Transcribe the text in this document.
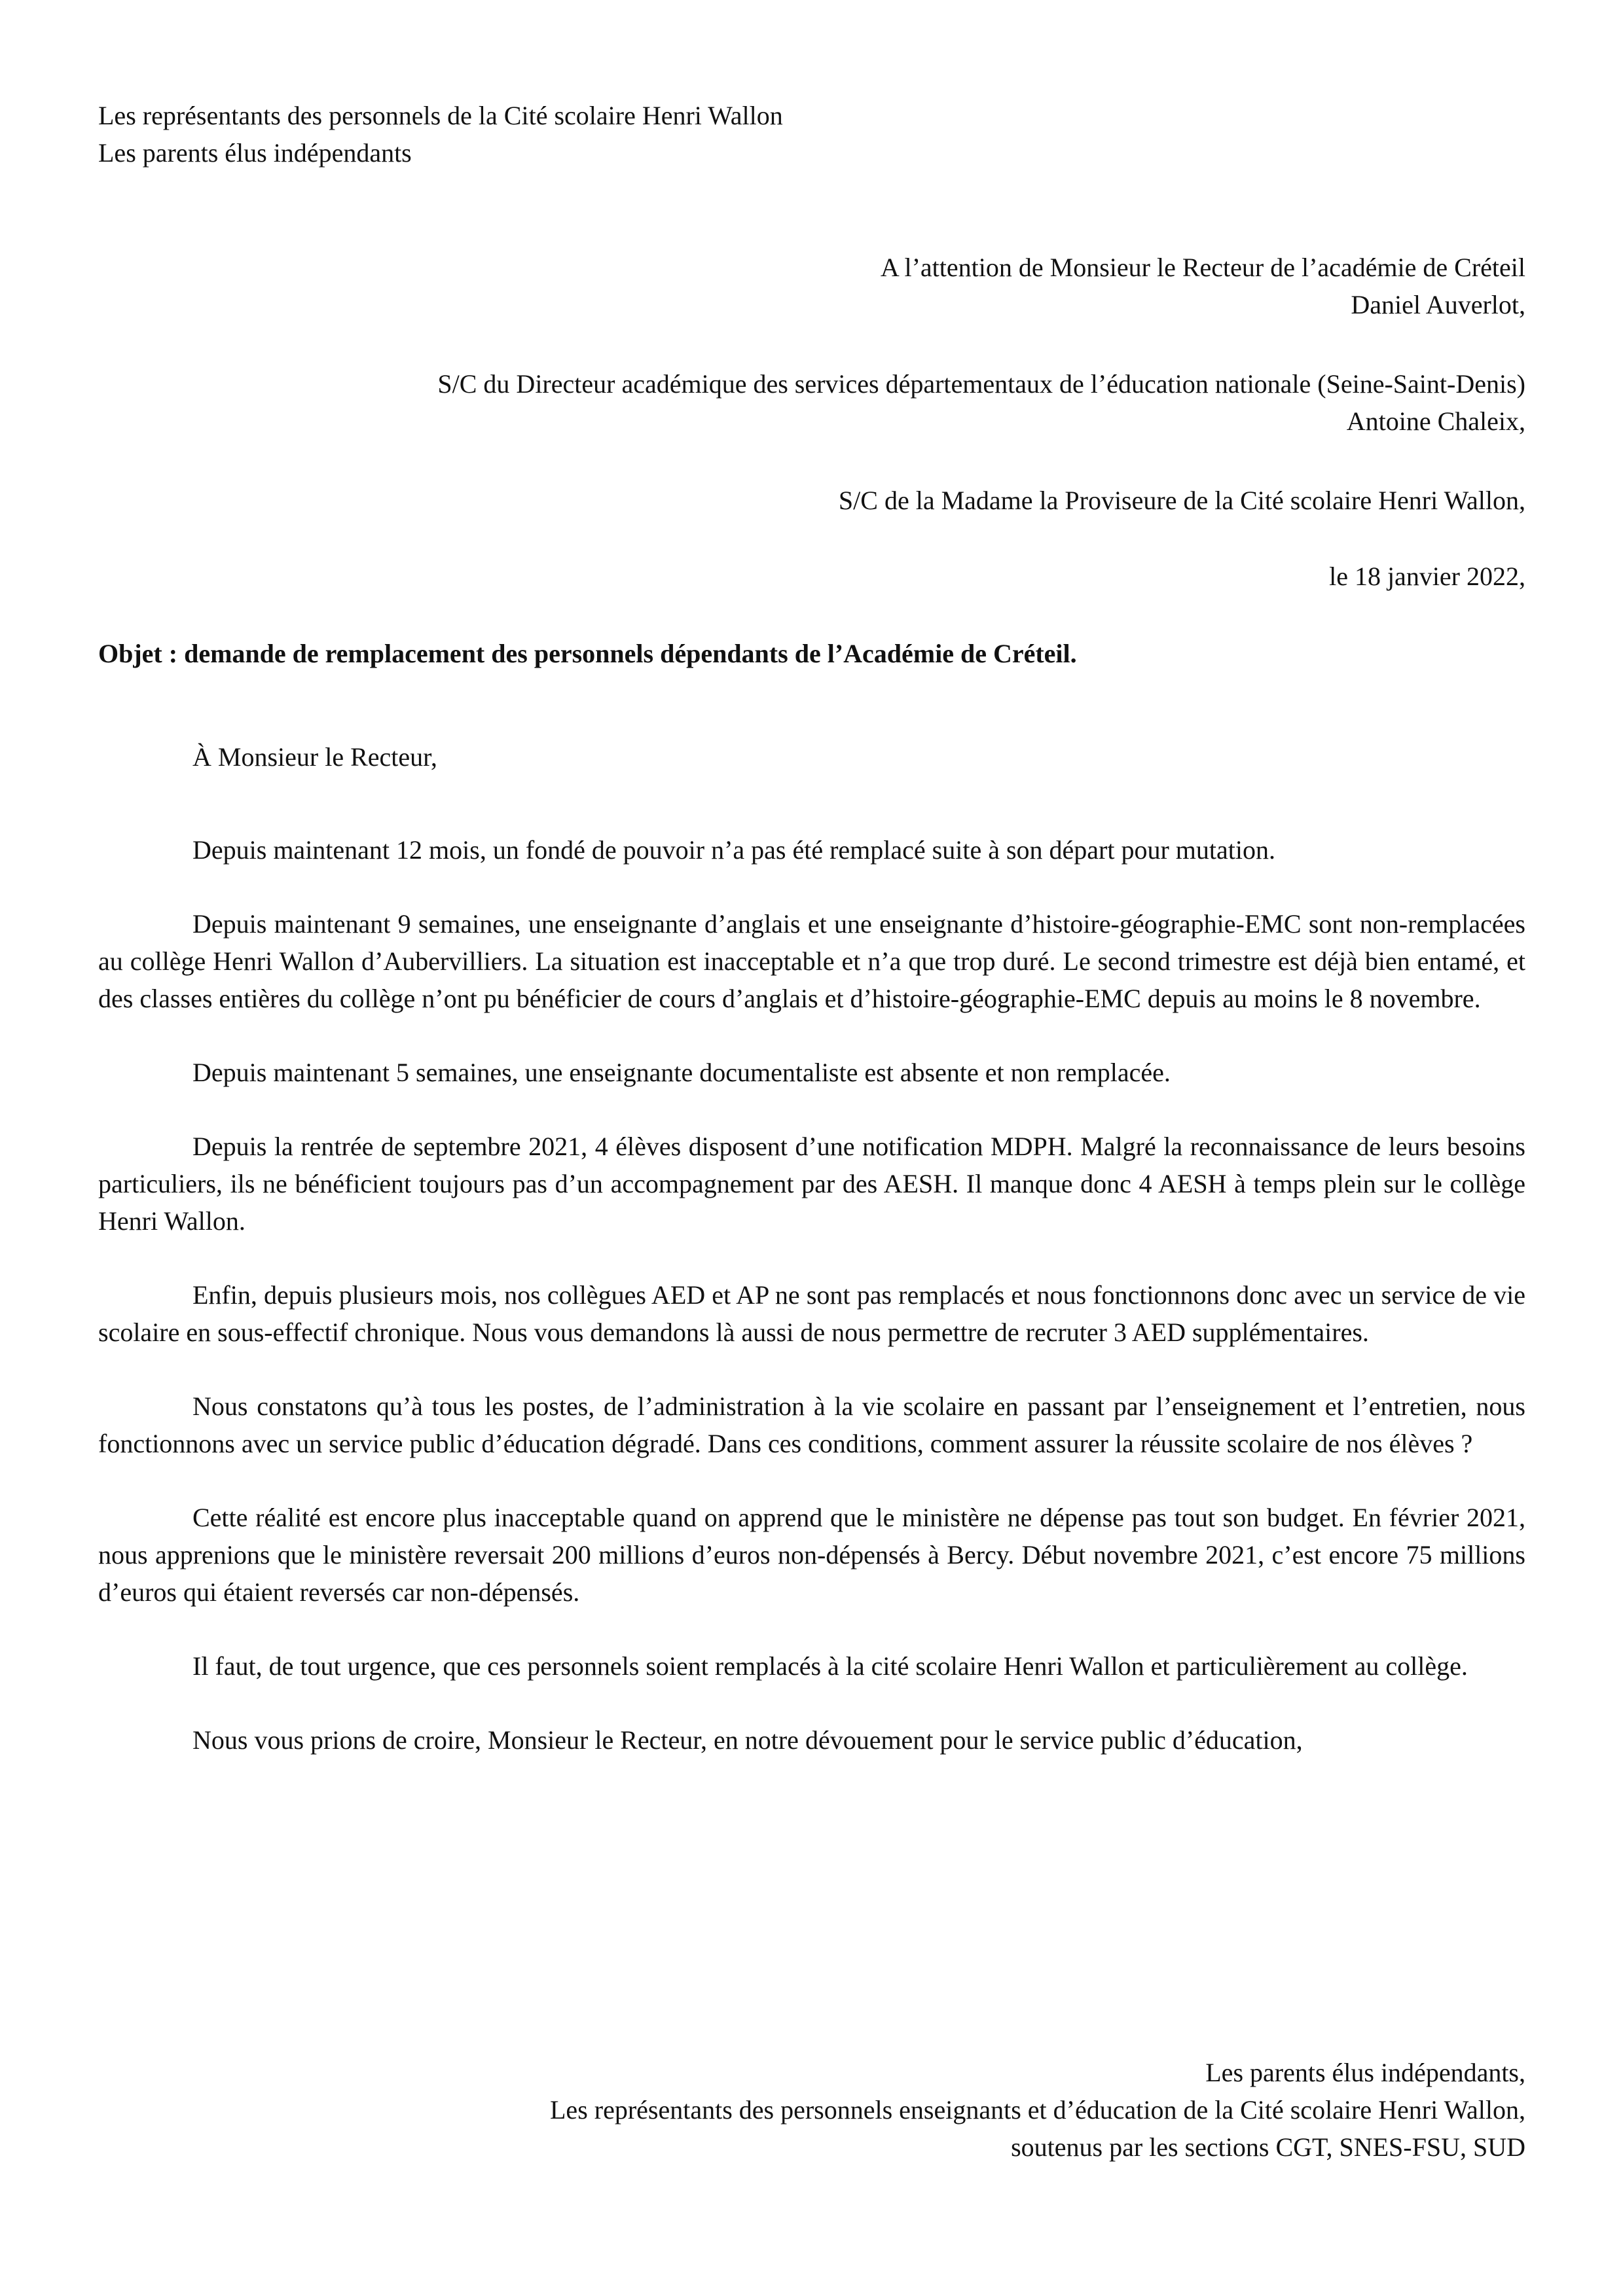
Les représentants des personnels de la Cité scolaire Henri Wallon
Les parents élus indépendants
A l’attention de Monsieur le Recteur de l’académie de Créteil
Daniel Auverlot,
S/C du Directeur académique des services départementaux de l’éducation nationale (Seine-Saint-Denis)
Antoine Chaleix,
S/C de la Madame la Proviseure de la Cité scolaire Henri Wallon,
le 18 janvier 2022,
Objet : demande de remplacement des personnels dépendants de l’Académie de Créteil.

À Monsieur le Recteur,

Depuis maintenant 12 mois, un fondé de pouvoir n’a pas été remplacé suite à son départ pour mutation.

Depuis maintenant 9 semaines, une enseignante d’anglais et une enseignante d’histoire-géographie-EMC sont non-remplacées au collège Henri Wallon d’Aubervilliers. La situation est inacceptable et n’a que trop duré. Le second trimestre est déjà bien entamé, et des classes entières du collège n’ont pu bénéficier de cours d’anglais et d’histoire-géographie-EMC depuis au moins le 8 novembre.

Depuis maintenant 5 semaines, une enseignante documentaliste est absente et non remplacée.

Depuis la rentrée de septembre 2021, 4 élèves disposent d’une notification MDPH. Malgré la reconnaissance de leurs besoins particuliers, ils ne bénéficient toujours pas d’un accompagnement par des AESH. Il manque donc 4 AESH à temps plein sur le collège Henri Wallon.

Enfin, depuis plusieurs mois, nos collègues AED et AP ne sont pas remplacés et nous fonctionnons donc avec un service de vie scolaire en sous-effectif chronique. Nous vous demandons là aussi de nous permettre de recruter 3 AED supplémentaires.

Nous constatons qu’à tous les postes, de l’administration à la vie scolaire en passant par l’enseignement et l’entretien, nous fonctionnons avec un service public d’éducation dégradé. Dans ces conditions, comment assurer la réussite scolaire de nos élèves ?

Cette réalité est encore plus inacceptable quand on apprend que le ministère ne dépense pas tout son budget. En février 2021, nous apprenions que le ministère reversait 200 millions d’euros non-dépensés à Bercy. Début novembre 2021, c’est encore 75 millions d’euros qui étaient reversés car non-dépensés.

Il faut, de tout urgence, que ces personnels soient remplacés à la cité scolaire Henri Wallon et particulièrement au collège.

Nous vous prions de croire, Monsieur le Recteur, en notre dévouement pour le service public d’éducation,

Les parents élus indépendants,
Les représentants des personnels enseignants et d’éducation de la Cité scolaire Henri Wallon,
soutenus par les sections CGT, SNES-FSU, SUD
